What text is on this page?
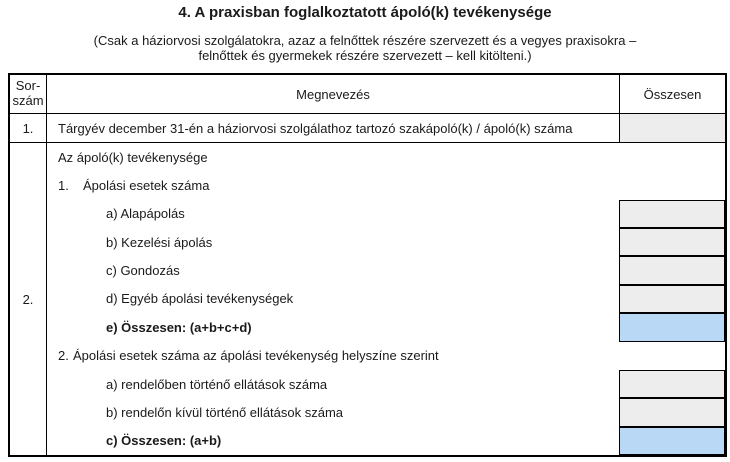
4. A praxisban foglalkoztatott ápoló(k) tevékenysége
(Csak a háziorvosi szolgálatokra, azaz a felnőttek részére szervezett és a vegyes praxisokra –
felnőttek és gyermekek részére szervezett – kell kitölteni.)
Sor-
szám	Megnevezés	Összesen
1.	Tárgyév december 31-én a háziorvosi szolgálathoz tartozó szakápoló(k) / ápoló(k) száma
2.
Az ápoló(k) tevékenysége
1.	Ápolási esetek száma
a) Alapápolás
b) Kezelési ápolás
c) Gondozás
d) Egyéb ápolási tevékenységek
e) Összesen: (a+b+c+d)
2. Ápolási esetek száma az ápolási tevékenység helyszíne szerint
a) rendelőben történő ellátások száma
b) rendelőn kívül történő ellátások száma
c) Összesen: (a+b)
